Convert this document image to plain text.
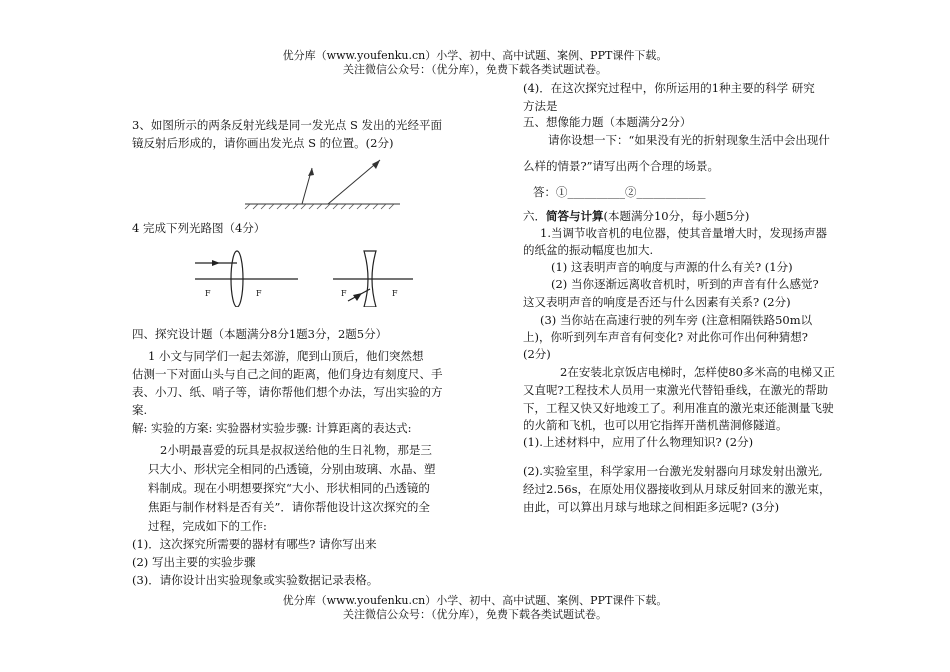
优分库（www.youfenku.cn）小学、初中、高中试题、案例、PPT课件下载。
关注微信公众号：（优分库），免费下载各类试题试卷。
3、如图所示的两条反射光线是同一发光点 S 发出的光经平面
镜反射后形成的，请你画出发光点 S 的位置。(2分)
4 完成下列光路图（4分）
F	F	F	F
四、探究设计题（本题满分8分1题3分，2题5分）
1 小文与同学们一起去郊游，爬到山顶后，他们突然想
估测一下对面山头与自己之间的距离，他们身边有刻度尺、手
表、小刀、纸、哨子等，请你帮他们想个办法，写出实验的方
案.
解: 实验的方案: 实验器材实验步骤: 计算距离的表达式:
2小明最喜爱的玩具是叔叔送给他的生日礼物，那是三
只大小、形状完全相同的凸透镜，分别由玻璃、水晶、塑
料制成。现在小明想要探究“大小、形状相同的凸透镜的
焦距与制作材料是否有关”．请你帮他设计这次探究的全
过程，完成如下的工作:
(1)．这次探究所需要的器材有哪些? 请你写出来
(2) 写出主要的实验步骤
(3)．请你设计出实验现象或实验数据记录表格。
(4)．在这次探究过程中，你所运用的1种主要的科学 研究
方法是
五、想像能力题（本题满分2分）
请你设想一下：“如果没有光的折射现象生活中会出现什
么样的情景?”请写出两个合理的场景。
答：①__________②____________
六．简答与计算(本题满分10分，每小题5分)
1.当调节收音机的电位器，使其音量增大时，发现扬声器
的纸盆的振动幅度也加大.
(1) 这表明声音的响度与声源的什么有关? (1分)
(2) 当你逐渐远离收音机时，听到的声音有什么感觉?
这又表明声音的响度是否还与什么因素有关系? (2分)
(3) 当你站在高速行驶的列车旁 (注意相隔铁路50m以
上)，你听到列车声音有何变化? 对此你可作出何种猜想?
(2分)
2在安装北京饭店电梯时，怎样使80多米高的电梯又正
又直呢?工程技术人员用一束激光代替铅垂线，在激光的帮助
下，工程又快又好地竣工了。利用准直的激光束还能测量飞驶
的火箭和飞机，也可以用它指挥开凿机凿洞修隧道。
(1).上述材料中，应用了什么物理知识? (2分)
(2).实验室里，科学家用一台激光发射器向月球发射出激光,
经过2.56s，在原处用仪器接收到从月球反射回来的激光束，
由此，可以算出月球与地球之间相距多远呢? (3分)
优分库（www.youfenku.cn）小学、初中、高中试题、案例、PPT课件下载。
关注微信公众号：（优分库），免费下载各类试题试卷。
